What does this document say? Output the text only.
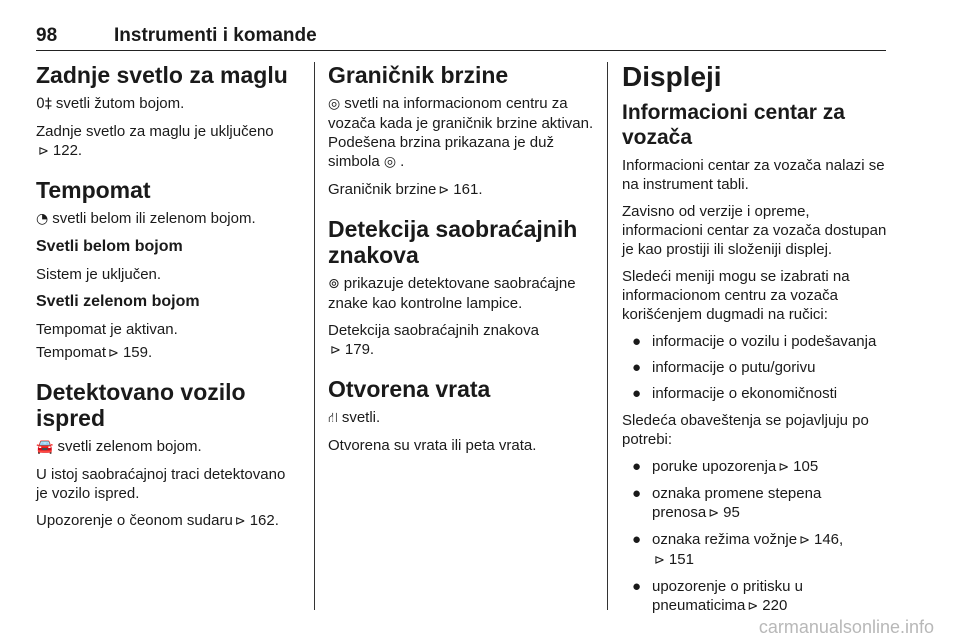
98	Instrumenti i komande
Zadnje svetlo za maglu

0‡ svetli žutom bojom.

Zadnje svetlo za maglu je uključeno
⊳ 122.

Tempomat

◔ svetli belom ili zelenom bojom.

Svetli belom bojom

Sistem je uključen.

Svetli zelenom bojom

Tempomat je aktivan.

Tempomat ⊳ 159.

Detektovano vozilo ispred

🚘 svetli zelenom bojom.

U istoj saobraćajnoj traci detektovano je vozilo ispred.

Upozorenje o čeonom sudaru ⊳ 162.

Graničnik brzine

◎ svetli na informacionom centru za vozača kada je graničnik brzine aktivan. Podešena brzina prikazana je duž simbola ◎ .

Graničnik brzine ⊳ 161.

Detekcija saobraćajnih znakova

⊚ prikazuje detektovane saobraćajne znake kao kontrolne lampice.

Detekcija saobraćajnih znakova
⊳ 179.

Otvorena vrata

⛙ svetli.

Otvorena su vrata ili peta vrata.

Displeji
Informacioni centar za vozača

Informacioni centar za vozača nalazi se na instrument tabli.

Zavisno od verzije i opreme, informacioni centar za vozača dostupan je kao prostiji ili složeniji displej.

Sledeći meniji mogu se izabrati na informacionom centru za vozača korišćenjem dugmadi na ručici:

● informacije o vozilu i podešavanja
● informacije o putu/gorivu
● informacije o ekonomičnosti

Sledeća obaveštenja se pojavljuju po potrebi:

● poruke upozorenja ⊳ 105
● oznaka promene stepena prenosa ⊳ 95
● oznaka režima vožnje ⊳ 146,
⊳ 151
● upozorenje o pritisku u pneumaticima ⊳ 220
carmanualsonline.info
